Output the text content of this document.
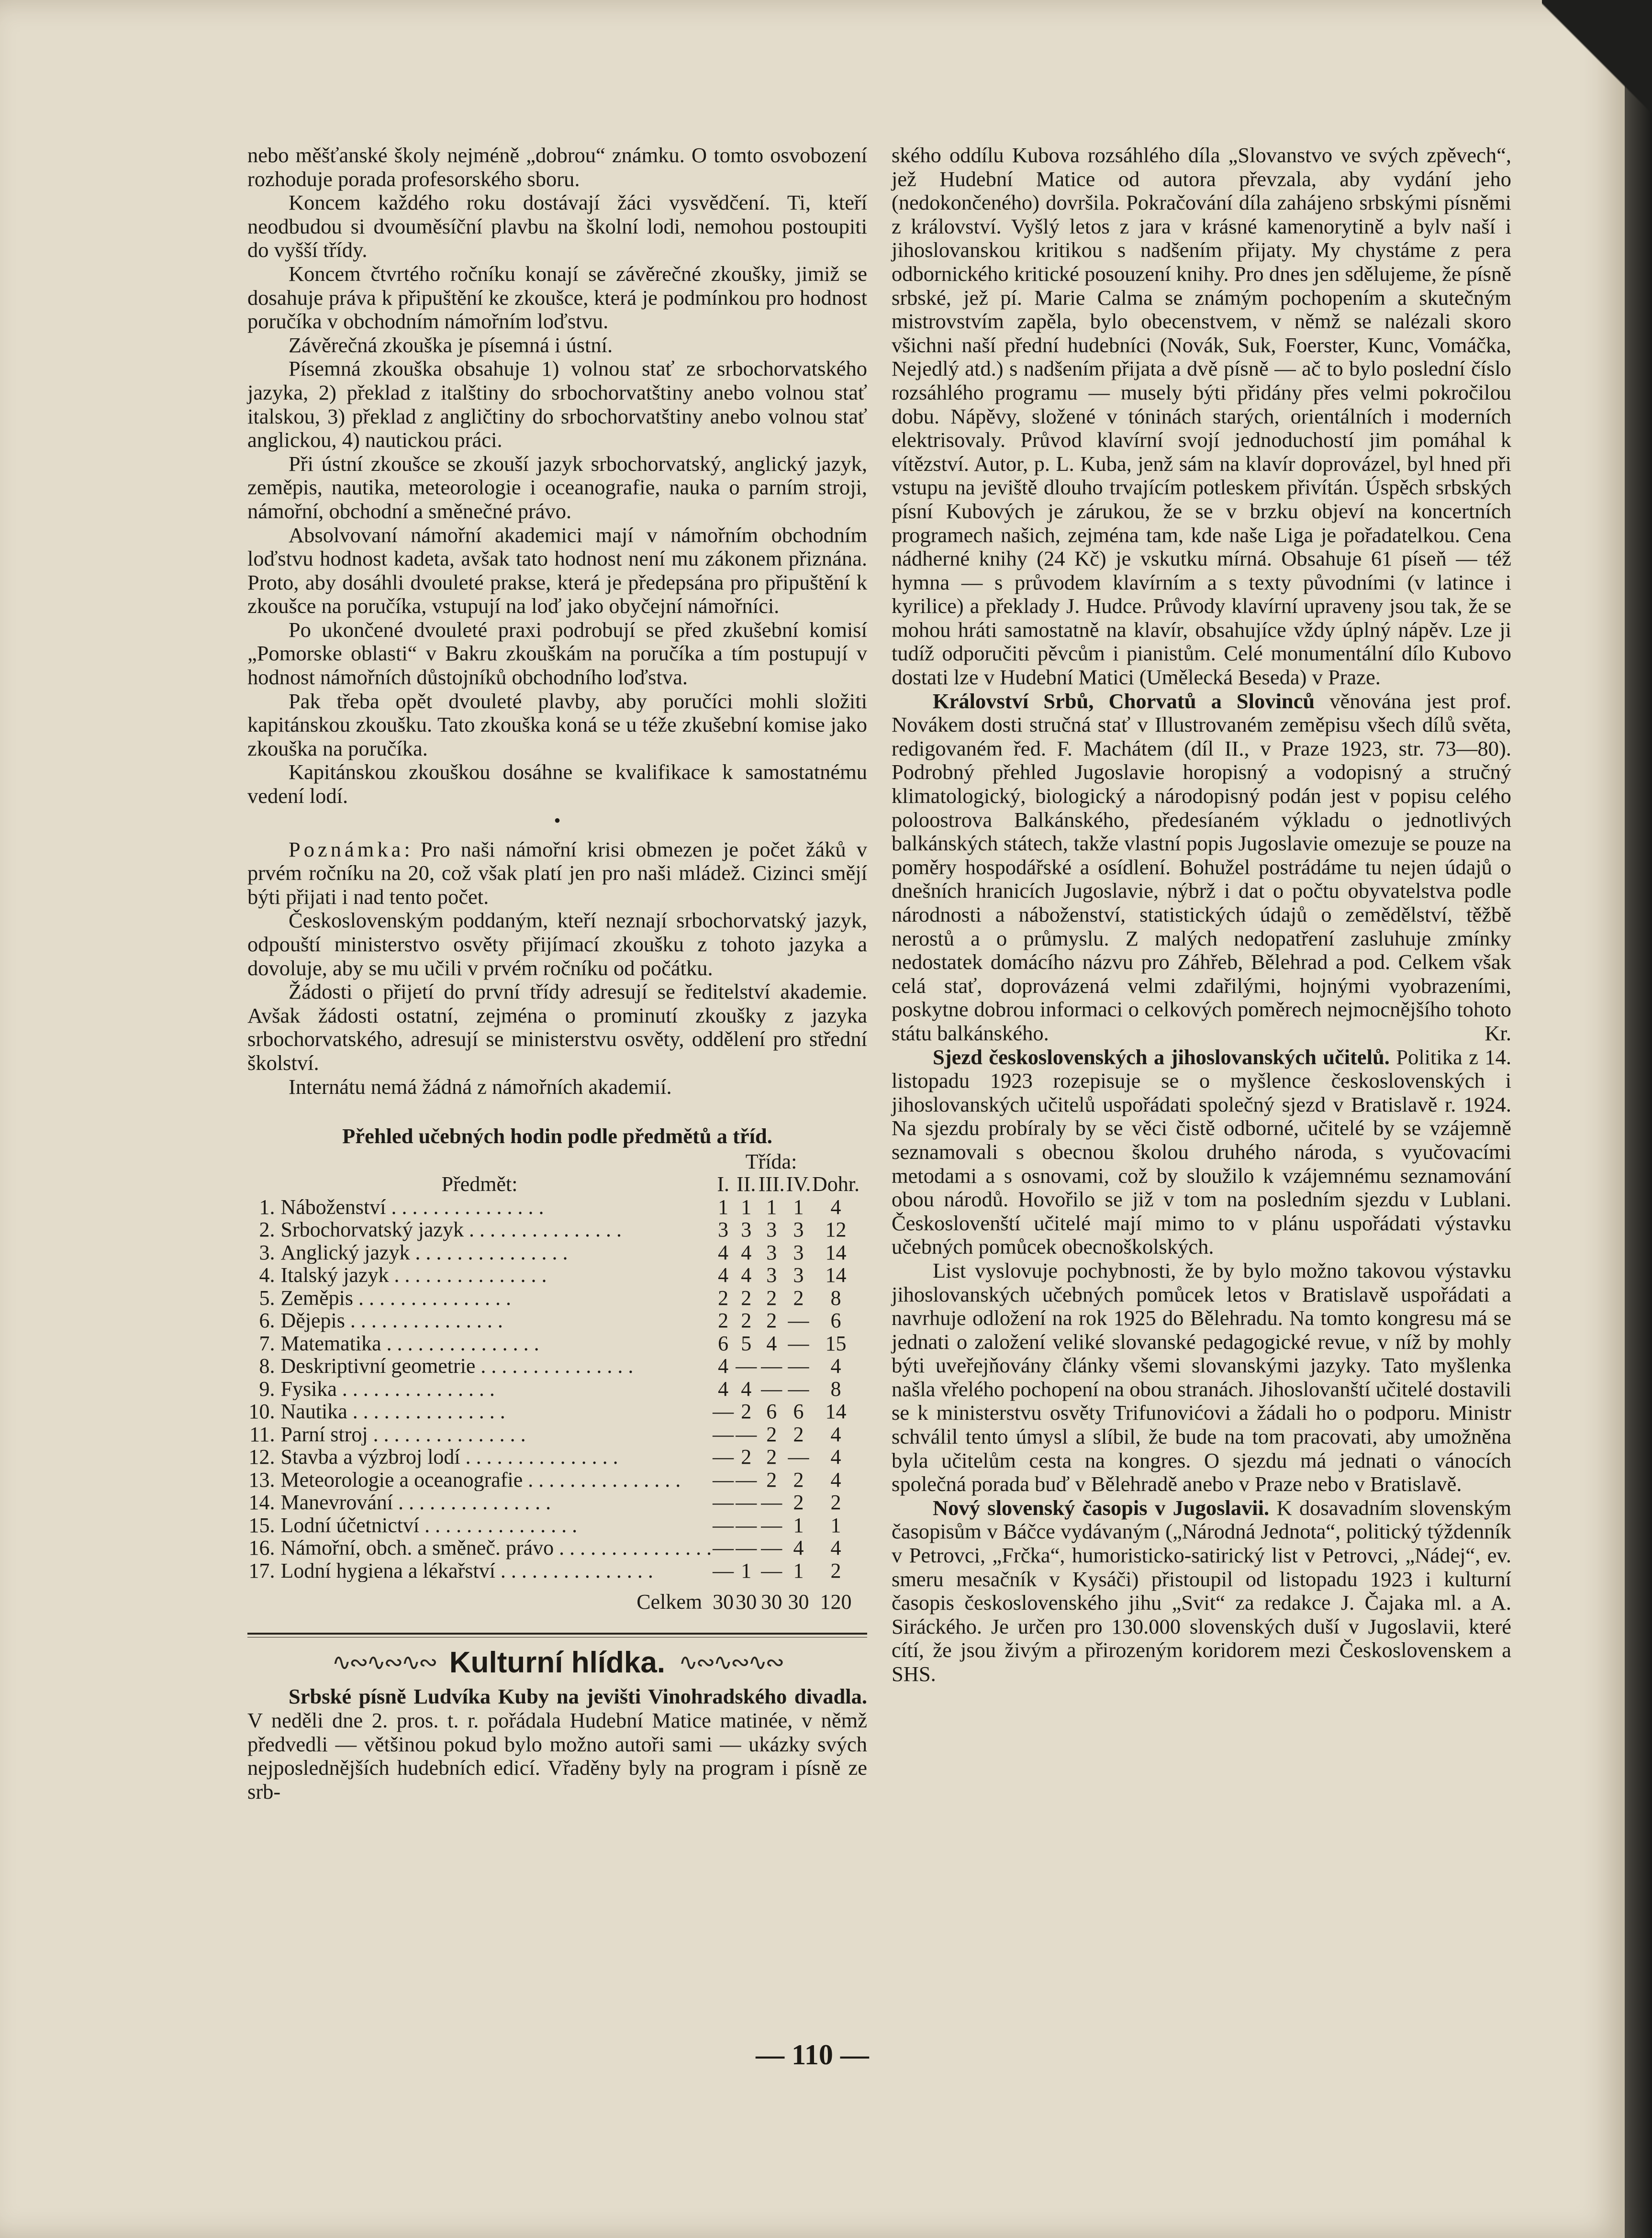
nebo měšťanské školy nejméně „dobrou“ známku. O tomto osvobození rozhoduje porada profesorského sboru.

Koncem každého roku dostávají žáci vysvědčení. Ti, kteří neodbudou si dvouměsíční plavbu na školní lodi, nemohou postoupiti do vyšší třídy.

Koncem čtvrtého ročníku konají se závěrečné zkoušky, jimiž se dosahuje práva k připuštění ke zkoušce, která je podmínkou pro hodnost poručíka v obchodním námořním loďstvu.

Závěrečná zkouška je písemná i ústní.

Písemná zkouška obsahuje 1) volnou stať ze srbochorvatského jazyka, 2) překlad z italštiny do srbochorvatštiny anebo volnou stať italskou, 3) překlad z angličtiny do srbochorvatštiny anebo volnou stať anglickou, 4) nautickou práci.

Při ústní zkoušce se zkouší jazyk srbochorvatský, anglický jazyk, zeměpis, nautika, meteorologie i oceanografie, nauka o parním stroji, námořní, obchodní a směnečné právo.

Absolvovaní námořní akademici mají v námořním obchodním loďstvu hodnost kadeta, avšak tato hodnost není mu zákonem přiznána. Proto, aby dosáhli dvouleté prakse, která je předepsána pro připuštění k zkoušce na poručíka, vstupují na loď jako obyčejní námořníci.

Po ukončené dvouleté praxi podrobují se před zkušební komisí „Pomorske oblasti“ v Bakru zkouškám na poručíka a tím postupují v hodnost námořních důstojníků obchodního loďstva.

Pak třeba opět dvouleté plavby, aby poručíci mohli složiti kapitánskou zkoušku. Tato zkouška koná se u téže zkušební komise jako zkouška na poručíka.

Kapitánskou zkouškou dosáhne se kvalifikace k samostatnému vedení lodí.

•

Poznámka: Pro naši námořní krisi obmezen je počet žáků v prvém ročníku na 20, což však platí jen pro naši mládež. Cizinci smějí býti přijati i nad tento počet.

Československým poddaným, kteří neznají srbochorvatský jazyk, odpouští ministerstvo osvěty přijímací zkoušku z tohoto jazyka a dovoluje, aby se mu učili v prvém ročníku od počátku.

Žádosti o přijetí do první třídy adresují se ředitelství akademie. Avšak žádosti ostatní, zejména o prominutí zkoušky z jazyka srbochorvatského, adresují se ministerstvu osvěty, oddělení pro střední školství.

Internátu nemá žádná z námořních akademií.

Přehled učebných hodin podle předmětů a tříd.
		Třída:				
Předmět:		I.	II.	III.	IV.	Dohr.
1.	Náboženství . . . . . . . . . . . . . . .	1	1	1	1	4
2.	Srbochorvatský jazyk . . . . . . . . . . . . . . .	3	3	3	3	12
3.	Anglický jazyk . . . . . . . . . . . . . . .	4	4	3	3	14
4.	Italský jazyk . . . . . . . . . . . . . . .	4	4	3	3	14
5.	Zeměpis . . . . . . . . . . . . . . .	2	2	2	2	8
6.	Dějepis . . . . . . . . . . . . . . .	2	2	2	—	6
7.	Matematika . . . . . . . . . . . . . . .	6	5	4	—	15
8.	Deskriptivní geometrie . . . . . . . . . . . . . . .	4	—	—	—	4
9.	Fysika . . . . . . . . . . . . . . .	4	4	—	—	8
10.	Nautika . . . . . . . . . . . . . . .	—	2	6	6	14
11.	Parní stroj . . . . . . . . . . . . . . .	—	—	2	2	4
12.	Stavba a výzbroj lodí . . . . . . . . . . . . . . .	—	2	2	—	4
13.	Meteorologie a oceanografie . . . . . . . . . . . . . . .	—	—	2	2	4
14.	Manevrování . . . . . . . . . . . . . . .	—	—	—	2	2
15.	Lodní účetnictví . . . . . . . . . . . . . . .	—	—	—	1	1
16.	Námořní, obch. a směneč. právo . . . . . . . . . . . . . . .	—	—	—	4	4
17.	Lodní hygiena a lékařství . . . . . . . . . . . . . . .	—	1	—	1	2
Celkem		30	30	30	30	120
∿∾∿∾∿∾ Kulturní hlídka. ∿∾∿∾∿∾

Srbské písně Ludvíka Kuby na jevišti Vinohradského divadla. V neděli dne 2. pros. t. r. pořádala Hudební Matice matinée, v němž předvedli — většinou pokud bylo možno autoři sami — ukázky svých nejposlednějších hudebních edicí. Vřaděny byly na program i písně ze srb-

ského oddílu Kubova rozsáhlého díla „Slovanstvo ve svých zpěvech“, jež Hudební Matice od autora převzala, aby vydání jeho (nedokončeného) dovršila. Pokračování díla zahájeno srbskými písněmi z království. Vyšlý letos z jara v krásné kamenorytině a bylv naší i jihoslovanskou kritikou s nadšením přijaty. My chystáme z pera odbornického kritické posouzení knihy. Pro dnes jen sdělujeme, že písně srbské, jež pí. Marie Calma se známým pochopením a skutečným mistrovstvím zapěla, bylo obecenstvem, v němž se nalézali skoro všichni naší přední hudebníci (Novák, Suk, Foerster, Kunc, Vomáčka, Nejedlý atd.) s nadšením přijata a dvě písně — ač to bylo poslední číslo rozsáhlého programu — musely býti přidány přes velmi pokročilou dobu. Nápěvy, složené v tóninách starých, orientálních i moderních elektrisovaly. Průvod klavírní svojí jednoduchostí jim pomáhal k vítězství. Autor, p. L. Kuba, jenž sám na klavír doprovázel, byl hned při vstupu na jeviště dlouho trvajícím potleskem přivítán. Úspěch srbských písní Kubových je zárukou, že se v brzku objeví na koncertních programech našich, zejména tam, kde naše Liga je pořadatelkou. Cena nádherné knihy (24 Kč) je vskutku mírná. Obsahuje 61 píseň — též hymna — s průvodem klavírním a s texty původními (v latince i kyrilice) a překlady J. Hudce. Průvody klavírní upraveny jsou tak, že se mohou hráti samostatně na klavír, obsahujíce vždy úplný nápěv. Lze ji tudíž odporučiti pěvcům i pianistům. Celé monumentální dílo Kubovo dostati lze v Hudební Matici (Umělecká Beseda) v Praze.

Království Srbů, Chorvatů a Slovinců věnována jest prof. Novákem dosti stručná stať v Illustrovaném zeměpisu všech dílů světa, redigovaném řed. F. Machátem (díl II., v Praze 1923, str. 73—80). Podrobný přehled Jugoslavie horopisný a vodopisný a stručný klimatologický, biologický a národopisný podán jest v popisu celého poloostrova Balkánského, předesíaném výkladu o jednotlivých balkánských státech, takže vlastní popis Jugoslavie omezuje se pouze na poměry hospodářské a osídlení. Bohužel postrádáme tu nejen údajů o dnešních hranicích Jugoslavie, nýbrž i dat o počtu obyvatelstva podle národnosti a náboženství, statistických údajů o zemědělství, těžbě nerostů a o průmyslu. Z malých nedopatření zasluhuje zmínky nedostatek domácího názvu pro Záhřeb, Bělehrad a pod. Celkem však celá stať, doprovázená velmi zdařilými, hojnými vyobrazeními, poskytne dobrou informaci o celkových poměrech nejmocnějšího tohoto státu balkánského.	Kr.

Sjezd československých a jihoslovanských učitelů. Politika z 14. listopadu 1923 rozepisuje se o myšlence československých i jihoslovanských učitelů uspořádati společný sjezd v Bratislavě r. 1924. Na sjezdu probíraly by se věci čistě odborné, učitelé by se vzájemně seznamovali s obecnou školou druhého národa, s vyučovacími metodami a s osnovami, což by sloužilo k vzájemnému seznamování obou národů. Hovořilo se již v tom na posledním sjezdu v Lublani. Českoslovenští učitelé mají mimo to v plánu uspořádati výstavku učebných pomůcek obecnoškolských.

List vyslovuje pochybnosti, že by bylo možno takovou výstavku jihoslovanských učebných pomůcek letos v Bratislavě uspořádati a navrhuje odložení na rok 1925 do Bělehradu. Na tomto kongresu má se jednati o založení veliké slovanské pedagogické revue, v níž by mohly býti uveřejňovány články všemi slovanskými jazyky. Tato myšlenka našla vřelého pochopení na obou stranách. Jihoslovanští učitelé dostavili se k ministerstvu osvěty Trifunovićovi a žádali ho o podporu. Ministr schválil tento úmysl a slíbil, že bude na tom pracovati, aby umožněna byla učitelům cesta na kongres. O sjezdu má jednati o vánocích společná porada buď v Bělehradě anebo v Praze nebo v Bratislavě.

Nový slovenský časopis v Jugoslavii. K dosavadním slovenským časopisům v Báčce vydávaným („Národná Jednota“, politický týždenník v Petrovci, „Frčka“, humoristicko-satirický list v Petrovci, „Nádej“, ev. smeru mesačník v Kysáči) přistoupil od listopadu 1923 i kulturní časopis československého jihu „Svit“ za redakce J. Čajaka ml. a A. Siráckého. Je určen pro 130.000 slovenských duší v Jugoslavii, které cítí, že jsou živým a přirozeným koridorem mezi Československem a SHS.

— 110 —
